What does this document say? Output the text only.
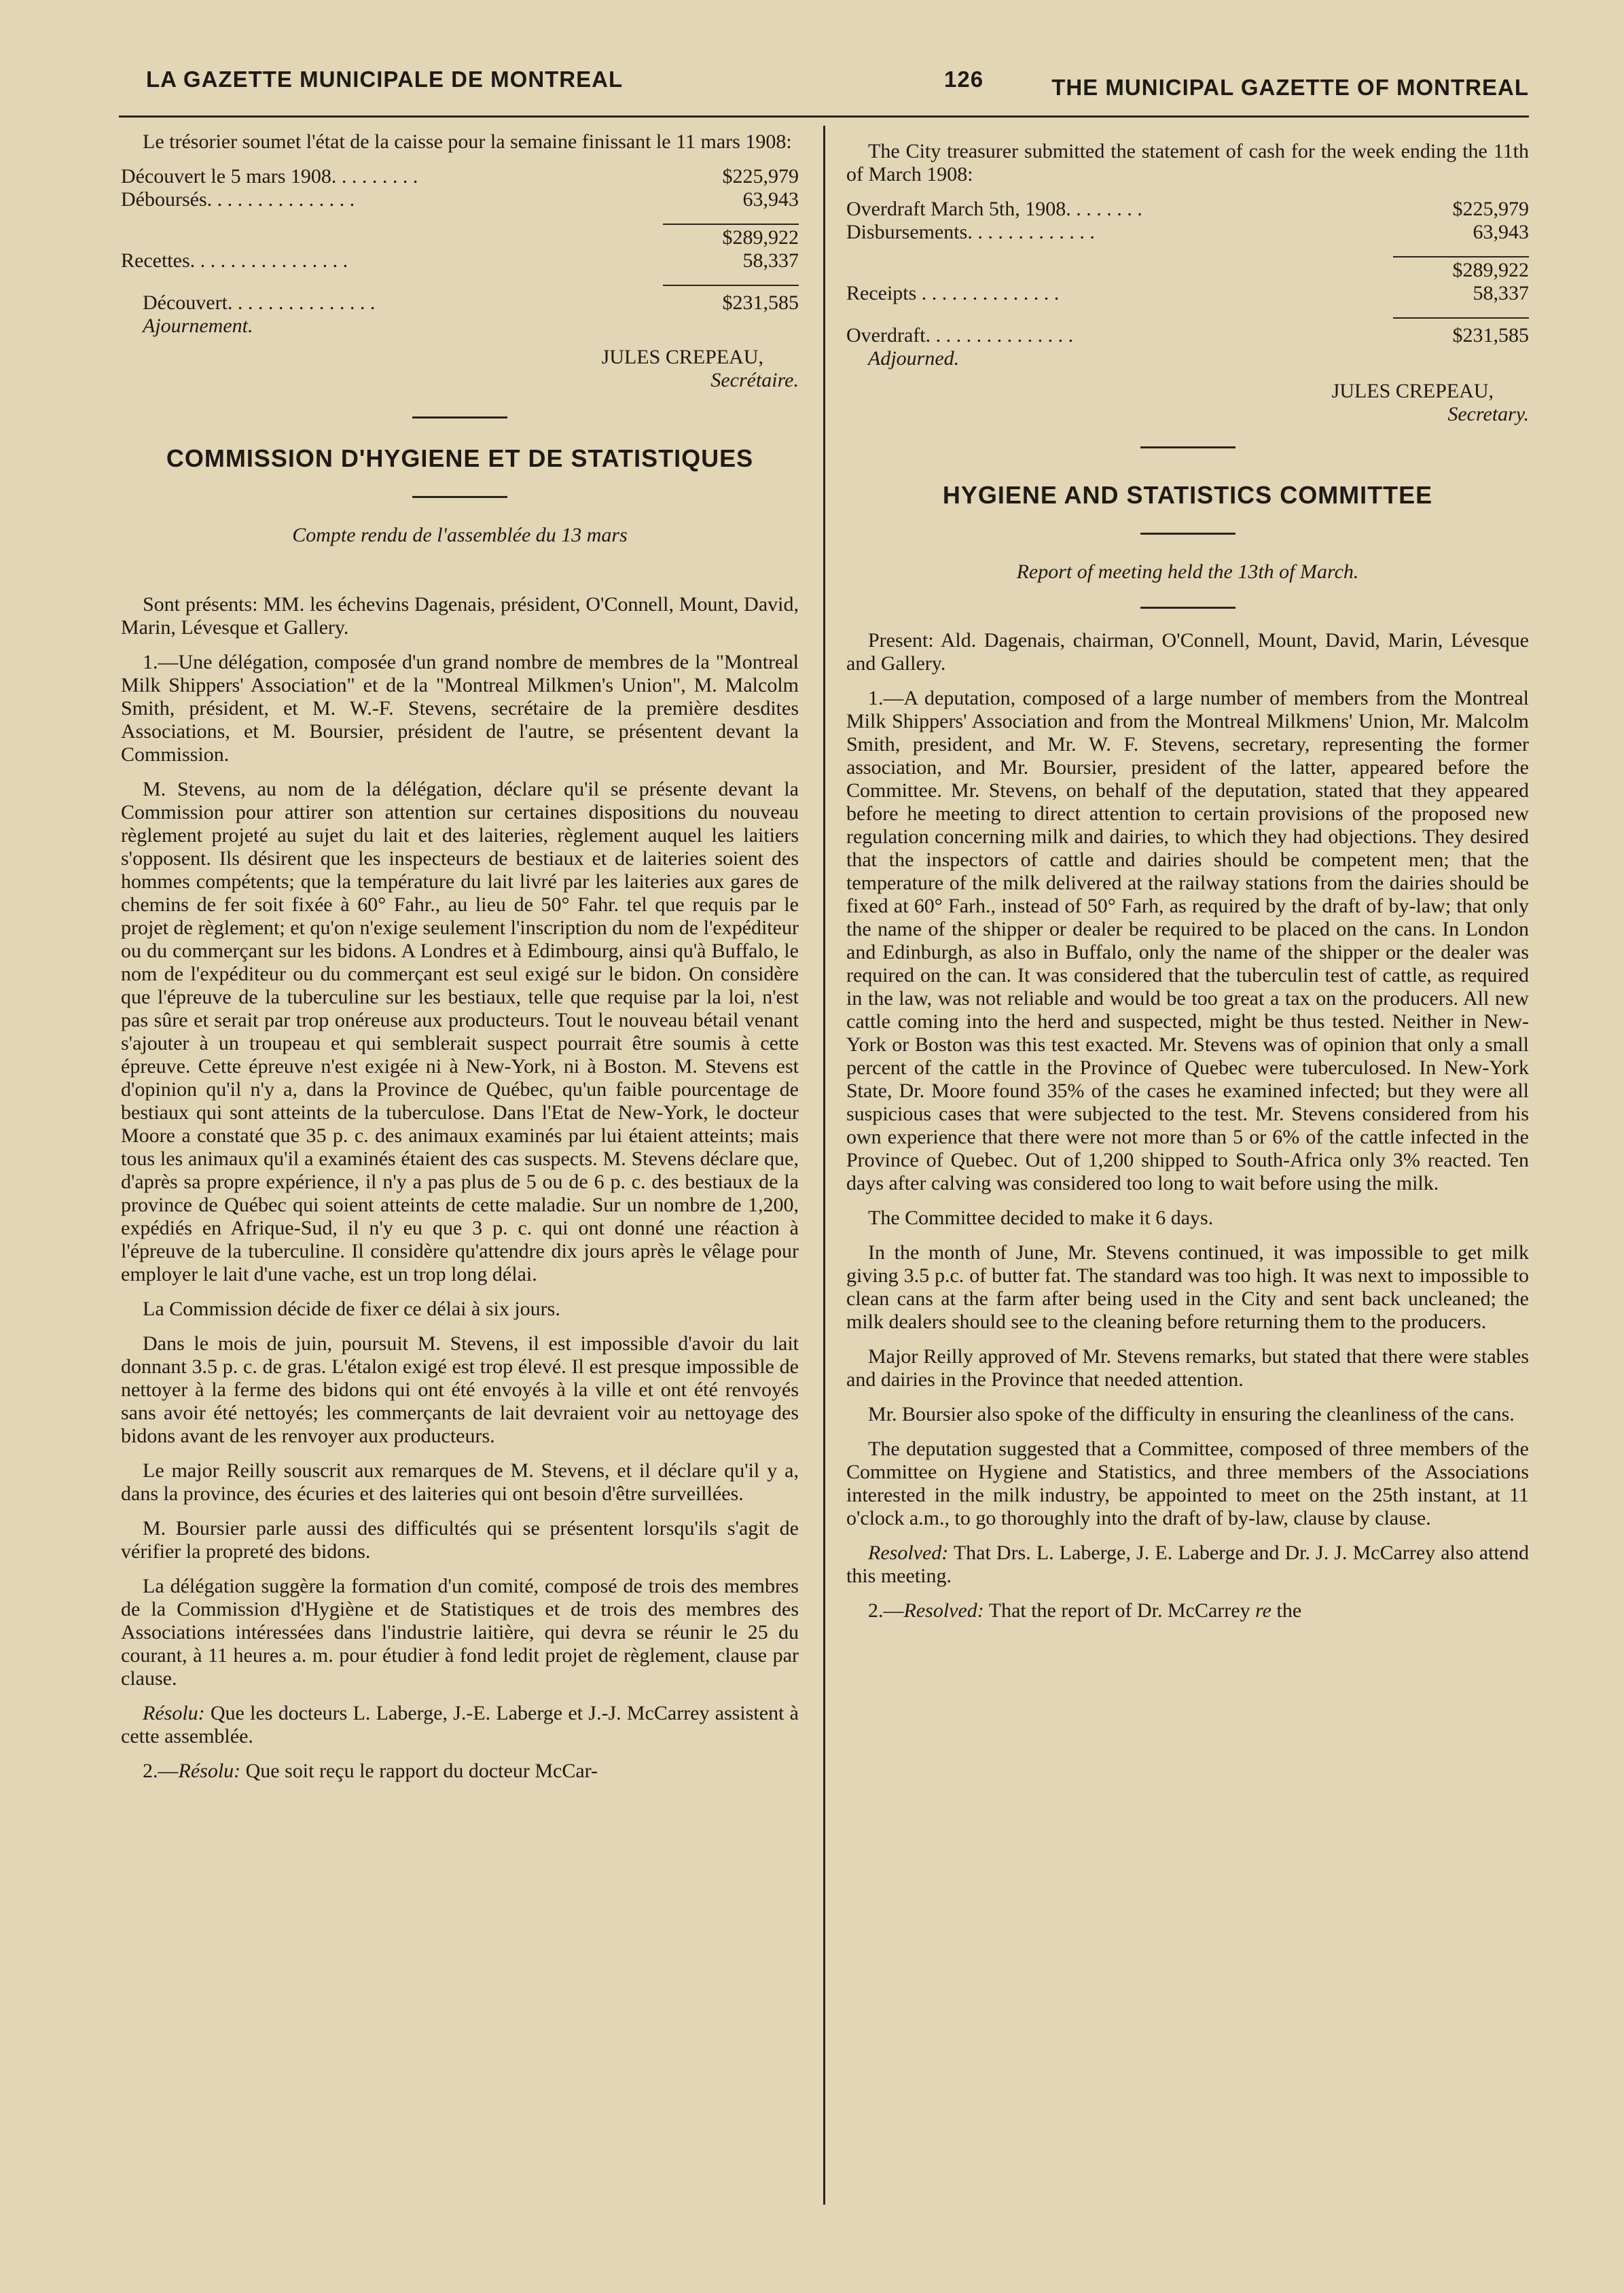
LA GAZETTE MUNICIPALE DE MONTREAL	126	THE MUNICIPAL GAZETTE OF MONTREAL

Le trésorier soumet l'état de la caisse pour la semaine finissant le 11 mars 1908:

Découvert le 5 mars 1908. . . . . . . . .	$225,979
Déboursés. . . . . . . . . . . . . . .	63,943
$289,922
Recettes. . . . . . . . . . . . . . . .	58,337
Découvert. . . . . . . . . . . . . . .	$231,585

Ajournement.

JULES CREPEAU,

Secrétaire.

COMMISSION D'HYGIENE ET DE STATISTIQUES

Compte rendu de l'assemblée du 13 mars

Sont présents: MM. les échevins Dagenais, président, O'Connell, Mount, David, Marin, Lévesque et Gallery.

1.—Une délégation, composée d'un grand nombre de membres de la "Montreal Milk Shippers' Association" et de la "Montreal Milkmen's Union", M. Malcolm Smith, président, et M. W.-F. Stevens, secrétaire de la première desdites Associations, et M. Boursier, président de l'autre, se présentent devant la Commission.

M. Stevens, au nom de la délégation, déclare qu'il se présente devant la Commission pour attirer son attention sur certaines dispositions du nouveau règlement projeté au sujet du lait et des laiteries, règlement auquel les laitiers s'opposent. Ils désirent que les inspecteurs de bestiaux et de laiteries soient des hommes compétents; que la température du lait livré par les laiteries aux gares de chemins de fer soit fixée à 60° Fahr., au lieu de 50° Fahr. tel que requis par le projet de règlement; et qu'on n'exige seulement l'inscription du nom de l'expéditeur ou du commerçant sur les bidons. A Londres et à Edimbourg, ainsi qu'à Buffalo, le nom de l'expéditeur ou du commerçant est seul exigé sur le bidon. On considère que l'épreuve de la tuberculine sur les bestiaux, telle que requise par la loi, n'est pas sûre et serait par trop onéreuse aux producteurs. Tout le nouveau bétail venant s'ajouter à un troupeau et qui semblerait suspect pourrait être soumis à cette épreuve. Cette épreuve n'est exigée ni à New-York, ni à Boston. M. Stevens est d'opinion qu'il n'y a, dans la Province de Québec, qu'un faible pourcentage de bestiaux qui sont atteints de la tuberculose. Dans l'Etat de New-York, le docteur Moore a constaté que 35 p. c. des animaux examinés par lui étaient atteints; mais tous les animaux qu'il a examinés étaient des cas suspects. M. Stevens déclare que, d'après sa propre expérience, il n'y a pas plus de 5 ou de 6 p. c. des bestiaux de la province de Québec qui soient atteints de cette maladie. Sur un nombre de 1,200, expédiés en Afrique-Sud, il n'y eu que 3 p. c. qui ont donné une réaction à l'épreuve de la tuberculine. Il considère qu'attendre dix jours après le vêlage pour employer le lait d'une vache, est un trop long délai.

La Commission décide de fixer ce délai à six jours.

Dans le mois de juin, poursuit M. Stevens, il est impossible d'avoir du lait donnant 3.5 p. c. de gras. L'étalon exigé est trop élevé. Il est presque impossible de nettoyer à la ferme des bidons qui ont été envoyés à la ville et ont été renvoyés sans avoir été nettoyés; les commerçants de lait devraient voir au nettoyage des bidons avant de les renvoyer aux producteurs.

Le major Reilly souscrit aux remarques de M. Stevens, et il déclare qu'il y a, dans la province, des écuries et des laiteries qui ont besoin d'être surveillées.

M. Boursier parle aussi des difficultés qui se présentent lorsqu'ils s'agit de vérifier la propreté des bidons.

La délégation suggère la formation d'un comité, composé de trois des membres de la Commission d'Hygiène et de Statistiques et de trois des membres des Associations intéressées dans l'industrie laitière, qui devra se réunir le 25 du courant, à 11 heures a. m. pour étudier à fond ledit projet de règlement, clause par clause.

Résolu: Que les docteurs L. Laberge, J.-E. Laberge et J.-J. McCarrey assistent à cette assemblée.

2.—Résolu: Que soit reçu le rapport du docteur McCar-

The City treasurer submitted the statement of cash for the week ending the 11th of March 1908:

Overdraft March 5th, 1908. . . . . . . .	$225,979
Disbursements. . . . . . . . . . . . .	63,943
$289,922
Receipts . . . . . . . . . . . . . .	58,337
Overdraft. . . . . . . . . . . . . . .	$231,585

Adjourned.

JULES CREPEAU,

Secretary.

HYGIENE AND STATISTICS COMMITTEE

Report of meeting held the 13th of March.

Present: Ald. Dagenais, chairman, O'Connell, Mount, David, Marin, Lévesque and Gallery.

1.—A deputation, composed of a large number of members from the Montreal Milk Shippers' Association and from the Montreal Milkmens' Union, Mr. Malcolm Smith, president, and Mr. W. F. Stevens, secretary, representing the former association, and Mr. Boursier, president of the latter, appeared before the Committee. Mr. Stevens, on behalf of the deputation, stated that they appeared before he meeting to direct attention to certain provisions of the proposed new regulation concerning milk and dairies, to which they had objections. They desired that the inspectors of cattle and dairies should be competent men; that the temperature of the milk delivered at the railway stations from the dairies should be fixed at 60° Farh., instead of 50° Farh, as required by the draft of by-law; that only the name of the shipper or dealer be required to be placed on the cans. In London and Edinburgh, as also in Buffalo, only the name of the shipper or the dealer was required on the can. It was considered that the tuberculin test of cattle, as required in the law, was not reliable and would be too great a tax on the producers. All new cattle coming into the herd and suspected, might be thus tested. Neither in New-York or Boston was this test exacted. Mr. Stevens was of opinion that only a small percent of the cattle in the Province of Quebec were tuberculosed. In New-York State, Dr. Moore found 35% of the cases he examined infected; but they were all suspicious cases that were subjected to the test. Mr. Stevens considered from his own experience that there were not more than 5 or 6% of the cattle infected in the Province of Quebec. Out of 1,200 shipped to South-Africa only 3% reacted. Ten days after calving was considered too long to wait before using the milk.

The Committee decided to make it 6 days.

In the month of June, Mr. Stevens continued, it was impossible to get milk giving 3.5 p.c. of butter fat. The standard was too high. It was next to impossible to clean cans at the farm after being used in the City and sent back uncleaned; the milk dealers should see to the cleaning before returning them to the producers.

Major Reilly approved of Mr. Stevens remarks, but stated that there were stables and dairies in the Province that needed attention.

Mr. Boursier also spoke of the difficulty in ensuring the cleanliness of the cans.

The deputation suggested that a Committee, composed of three members of the Committee on Hygiene and Statistics, and three members of the Associations interested in the milk industry, be appointed to meet on the 25th instant, at 11 o'clock a.m., to go thoroughly into the draft of by-law, clause by clause.

Resolved: That Drs. L. Laberge, J. E. Laberge and Dr. J. J. McCarrey also attend this meeting.

2.—Resolved: That the report of Dr. McCarrey re the
